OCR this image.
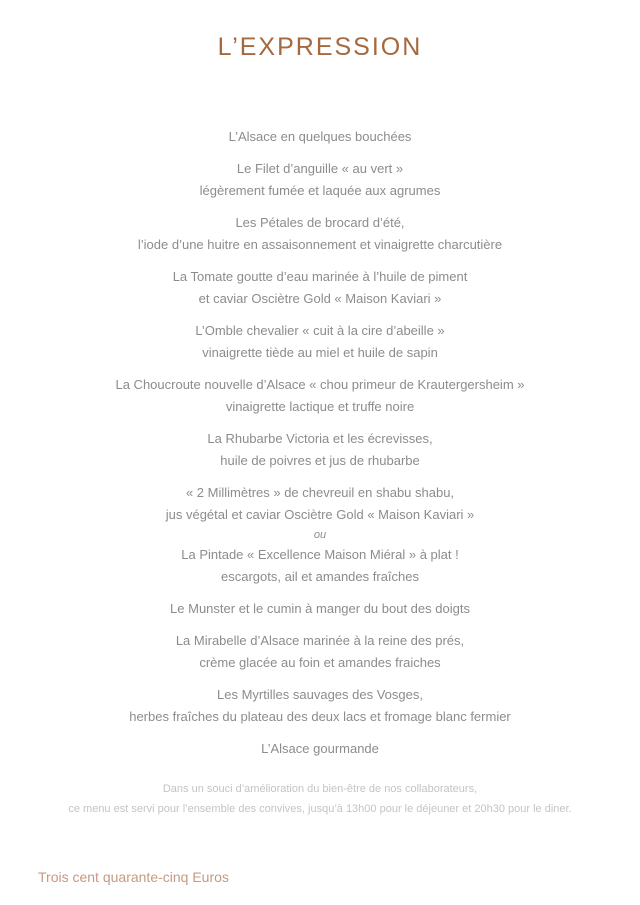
L’EXPRESSION
L’Alsace en quelques bouchées
Le Filet d’anguille « au vert »
légèrement fumée et laquée aux agrumes
Les Pétales de brocard d’été,
l’iode d’une huitre en assaisonnement et vinaigrette charcutière
La Tomate goutte d’eau marinée à l’huile de piment
et caviar Osciètre Gold « Maison Kaviari »
L’Omble chevalier « cuit à la cire d’abeille »
vinaigrette tiède au miel et huile de sapin
La Choucroute nouvelle d’Alsace « chou primeur de Krautergersheim »
vinaigrette lactique et truffe noire
La Rhubarbe Victoria et les écrevisses,
huile de poivres et jus de rhubarbe
« 2 Millimètres » de chevreuil en shabu shabu,
jus végétal et caviar Osciètre Gold « Maison Kaviari »
ou
La Pintade « Excellence Maison Miéral » à plat !
escargots, ail et amandes fraîches
Le Munster et le cumin à manger du bout des doigts
La Mirabelle d’Alsace marinée à la reine des prés,
crème glacée au foin et amandes fraiches
Les Myrtilles sauvages des Vosges,
herbes fraîches du plateau des deux lacs et fromage blanc fermier
L’Alsace gourmande
Dans un souci d’amélioration du bien-être de nos collaborateurs,
ce menu est servi pour l’ensemble des convives, jusqu’à 13h00 pour le déjeuner et 20h30 pour le diner.
Trois cent quarante-cinq Euros
